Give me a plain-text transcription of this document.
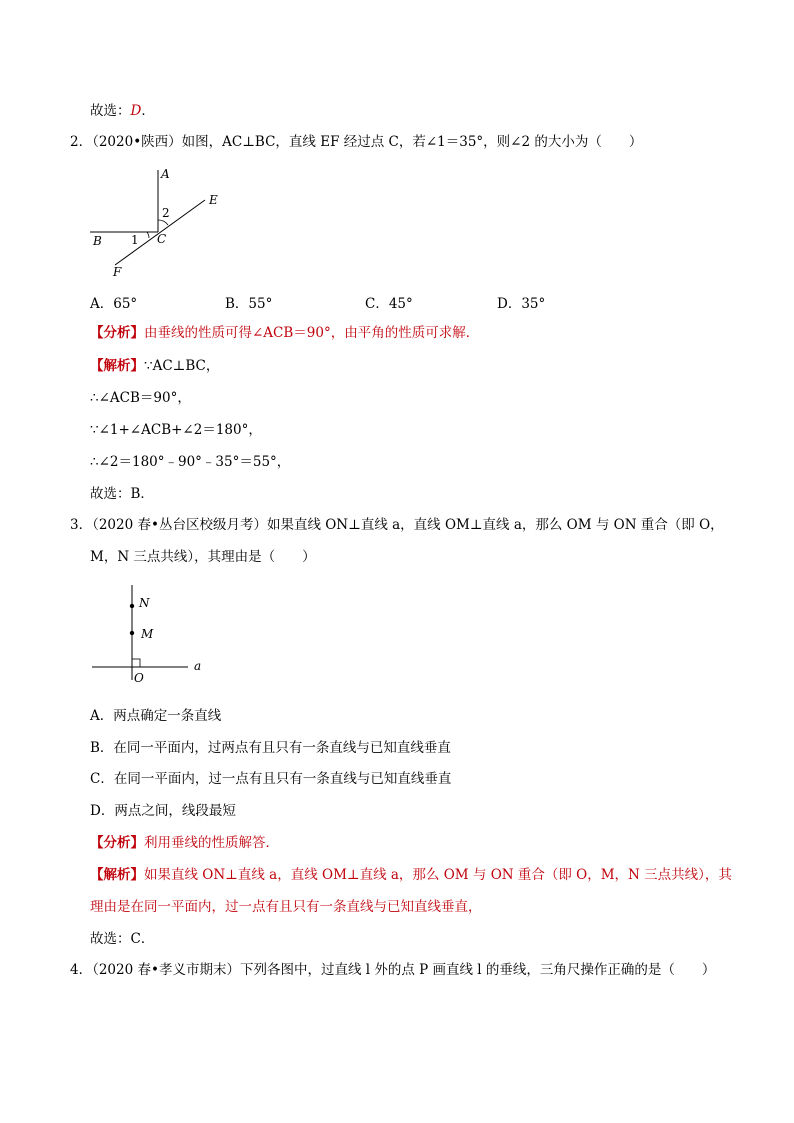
故选：D．
2．（2020•陕西）如图，AC⊥BC，直线 EF 经过点 C，若∠1＝35°，则∠2 的大小为（　　）
A
E
2
B 1 C
F
A．65°	B．55°	C．45°	D．35°
【分析】由垂线的性质可得∠ACB＝90°，由平角的性质可求解．
【解析】∵AC⊥BC，
∴∠ACB＝90°，
∵∠1+∠ACB+∠2＝180°，
∴∠2＝180°﹣90°﹣35°＝55°，
故选：B．
3．（2020 春•丛台区校级月考）如果直线 ON⊥直线 a，直线 OM⊥直线 a，那么 OM 与 ON 重合（即 O，
M，N 三点共线），其理由是（　　）
N
M
O
a
A．两点确定一条直线
B．在同一平面内，过两点有且只有一条直线与已知直线垂直
C．在同一平面内，过一点有且只有一条直线与已知直线垂直
D．两点之间，线段最短
【分析】利用垂线的性质解答．
【解析】如果直线 ON⊥直线 a，直线 OM⊥直线 a，那么 OM 与 ON 重合（即 O，M，N 三点共线），其
理由是在同一平面内，过一点有且只有一条直线与已知直线垂直，
故选：C．
4．（2020 春•孝义市期末）下列各图中，过直线 l 外的点 P 画直线 l 的垂线，三角尺操作正确的是（　　）
